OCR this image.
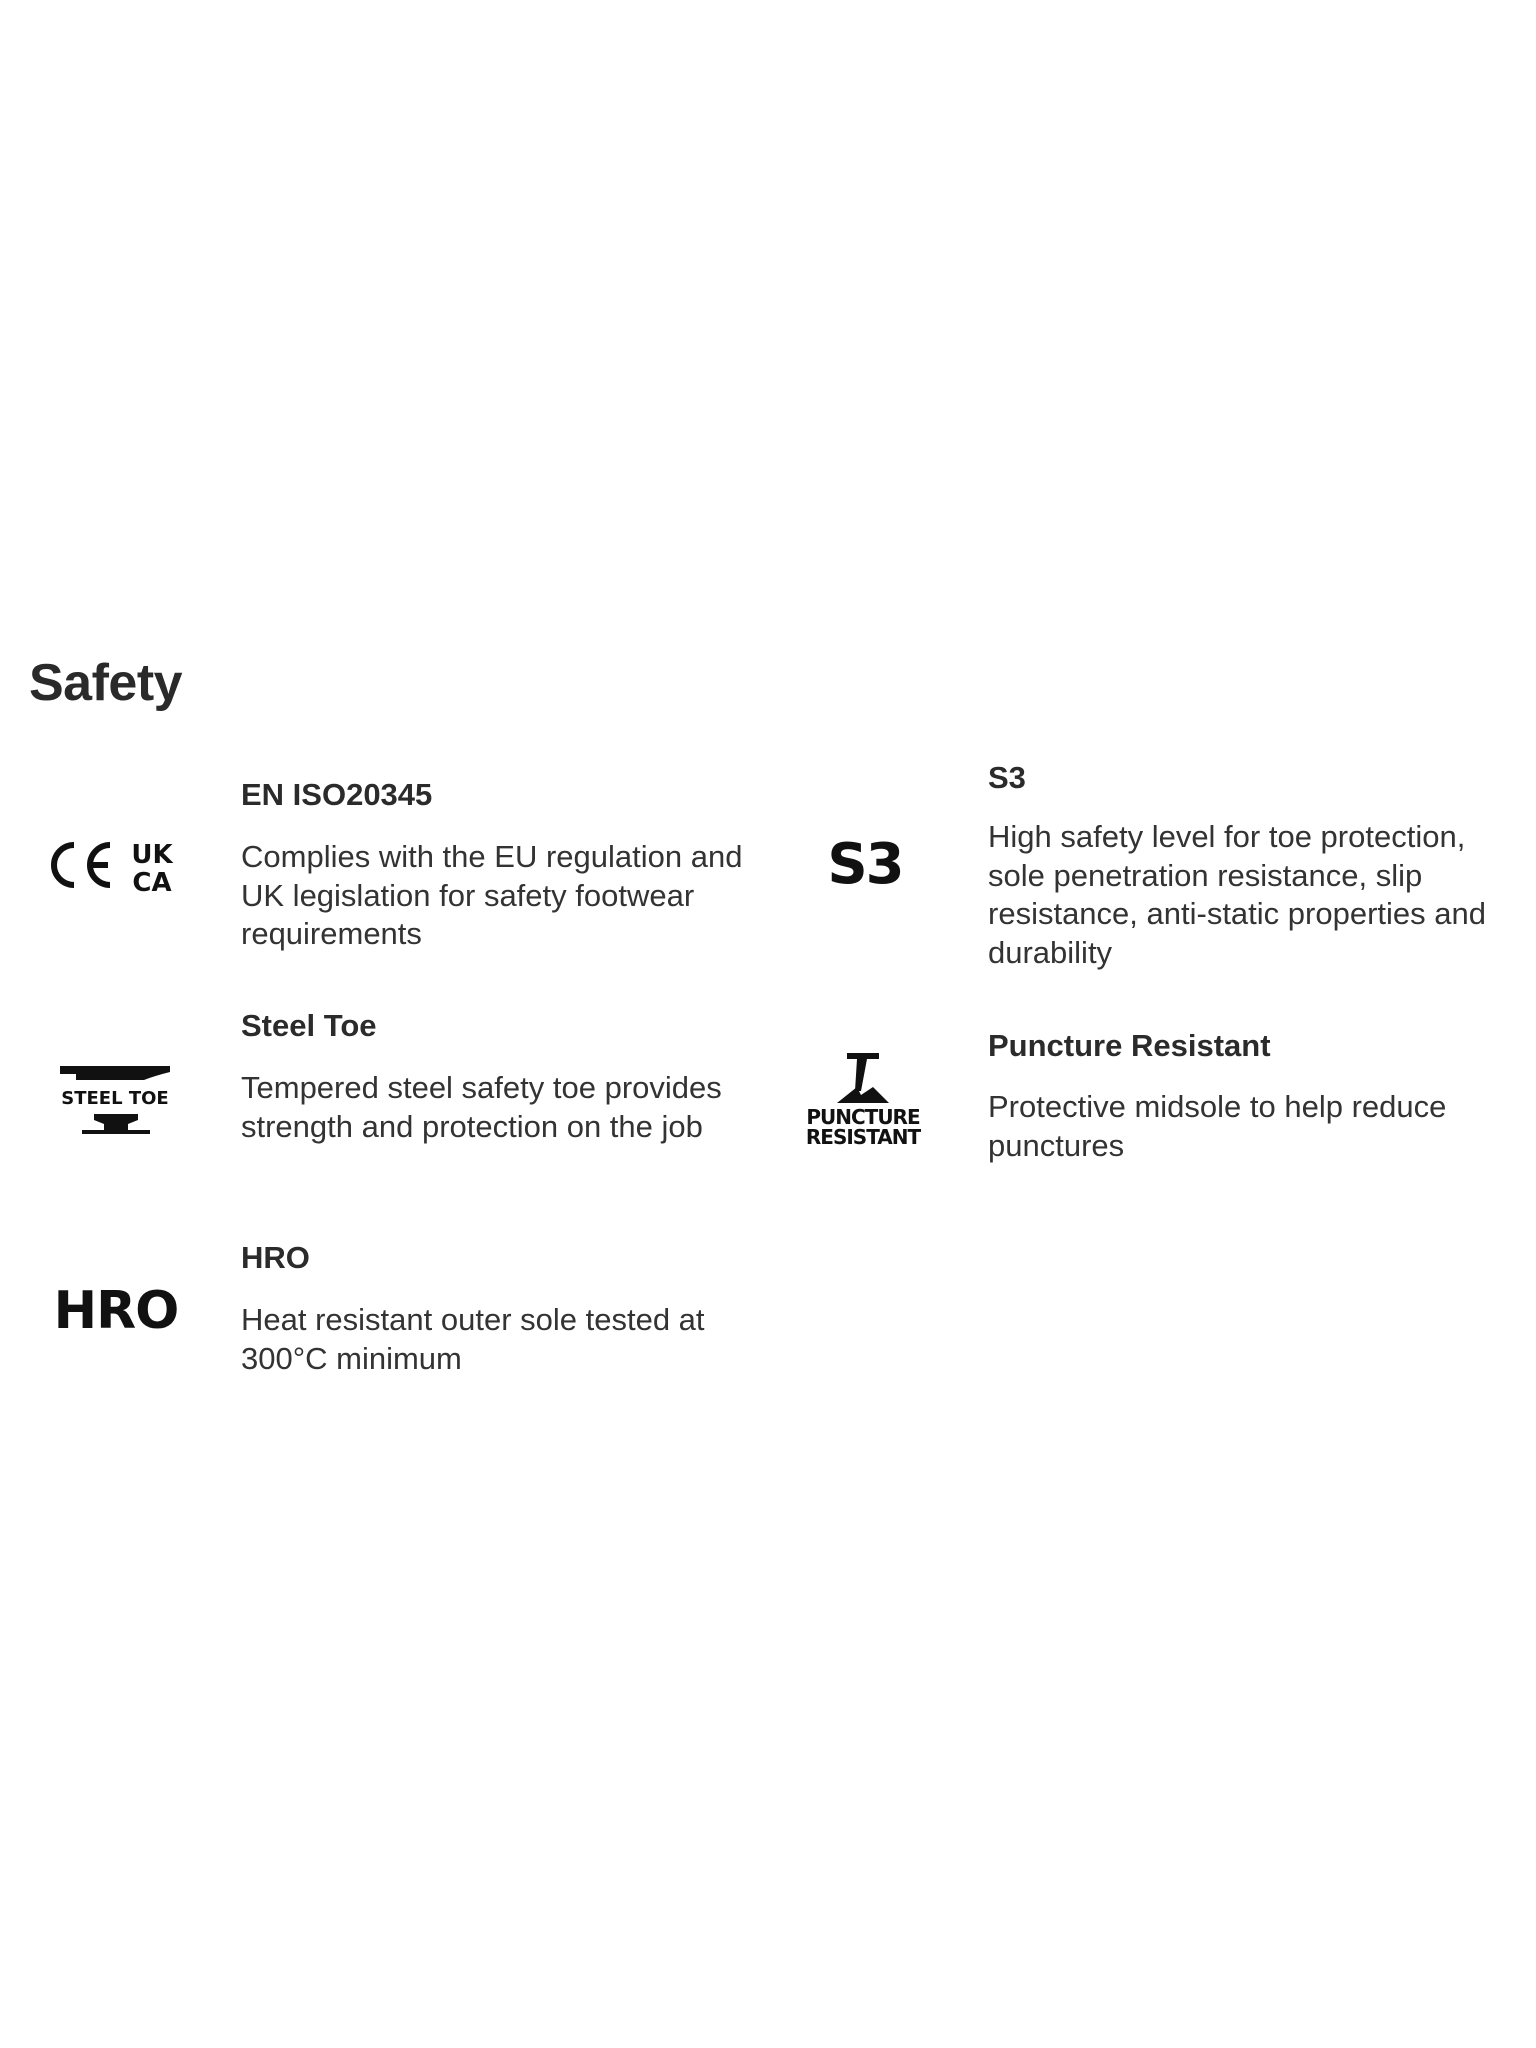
Safety
UK
CA
EN ISO20345

Complies with the EU regulation and UK legislation for safety footwear requirements

S3
S3

High safety level for toe protection, sole penetration resistance, slip resistance, anti-static properties and durability

STEEL TOE
Steel Toe

Tempered steel safety toe provides strength and protection on the job	PUNCTURE
RESISTANT
Puncture Resistant

Protective midsole to help reduce punctures

HRO
HRO

Heat resistant outer sole tested at 300°C minimum
